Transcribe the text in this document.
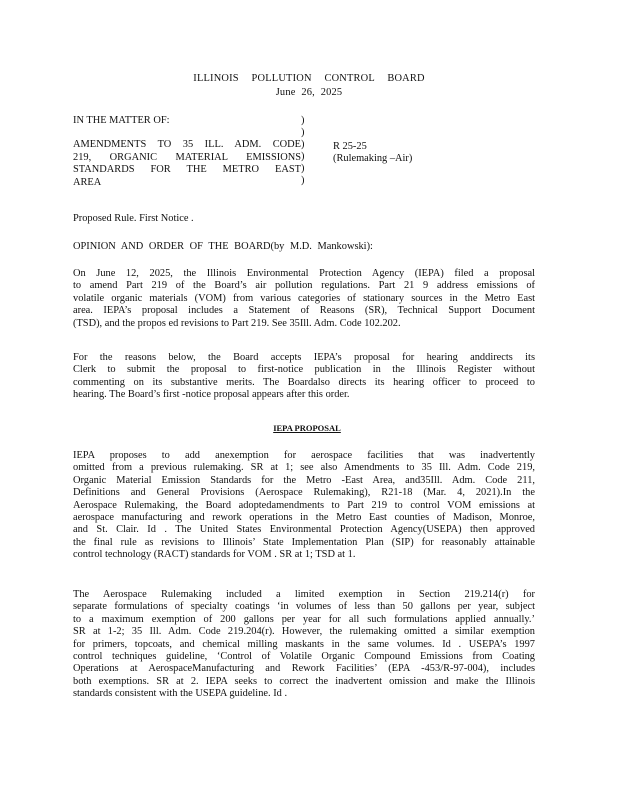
ILLINOIS POLLUTION CONTROL BOARD
June 26, 2025
IN THE MATTER OF:
AMENDMENTS TO 35 ILL. ADM. CODE
219, ORGANIC MATERIAL EMISSIONS
STANDARDS FOR THE METRO EAST
AREA
)
)
)
)
)
)
R 25-25
(Rulemaking –Air)
Proposed Rule. First Notice .
OPINION AND ORDER OF THE BOARD(by M.D. Mankowski):
On June 12, 2025, the Illinois Environmental Protection Agency (IEPA) filed a proposal
to amend Part 219 of the Board’s air pollution regulations. Part 21 9 address emissions of
volatile organic materials (VOM) from various categories of stationary sources in the Metro East
area. IEPA’s proposal includes a Statement of Reasons (SR), Technical Support Document
(TSD), and the propos ed revisions to Part 219. See 35Ill. Adm. Code 102.202.
For the reasons below, the Board accepts IEPA’s proposal for hearing anddirects its
Clerk to submit the proposal to first-notice publication in the Illinois Register without
commenting on its substantive merits. The Boardalso directs its hearing officer to proceed to
hearing. The Board’s first -notice proposal appears after this order.
IEPA PROPOSAL
IEPA proposes to add anexemption for aerospace facilities that was inadvertently
omitted from a previous rulemaking. SR at 1; see also Amendments to 35 Ill. Adm. Code 219,
Organic Material Emission Standards for the Metro -East Area, and35Ill. Adm. Code 211,
Definitions and General Provisions (Aerospace Rulemaking), R21-18 (Mar. 4, 2021).In the
Aerospace Rulemaking, the Board adoptedamendments to Part 219 to control VOM emissions at
aerospace manufacturing and rework operations in the Metro East counties of Madison, Monroe,
and St. Clair. Id . The United States Environmental Protection Agency(USEPA) then approved
the final rule as revisions to Illinois’ State Implementation Plan (SIP) for reasonably attainable
control technology (RACT) standards for VOM . SR at 1; TSD at 1.
The Aerospace Rulemaking included a limited exemption in Section 219.214(r) for
separate formulations of specialty coatings ‘in volumes of less than 50 gallons per year, subject
to a maximum exemption of 200 gallons per year for all such formulations applied annually.’
SR at 1-2; 35 Ill. Adm. Code 219.204(r). However, the rulemaking omitted a similar exemption
for primers, topcoats, and chemical milling maskants in the same volumes. Id . USEPA’s 1997
control techniques guideline, ‘Control of Volatile Organic Compound Emissions from Coating
Operations at AerospaceManufacturing and Rework Facilities’ (EPA -453/R-97-004), includes
both exemptions. SR at 2. IEPA seeks to correct the inadvertent omission and make the Illinois
standards consistent with the USEPA guideline. Id .
